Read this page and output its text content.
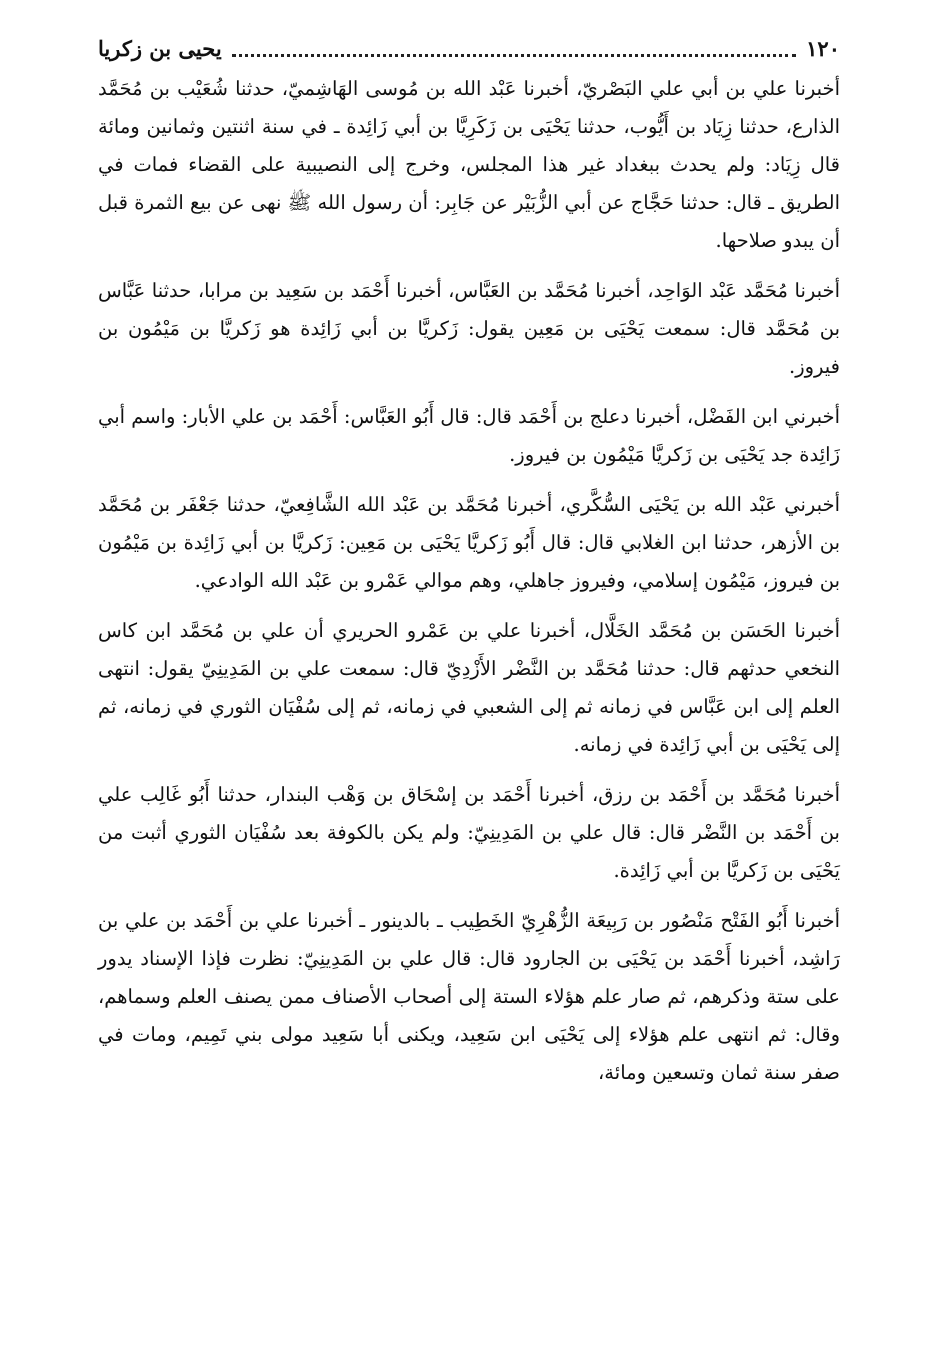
١٢٠
يحيى بن زكريا

أخبرنا علي بن أبي علي البَصْريّ، أخبرنا عَبْد الله بن مُوسى الهَاشِميّ، حدثنا شُعَيْب بن مُحَمَّد الذارع، حدثنا زِيَاد بن أَيُّوب، حدثنا يَحْيَى بن زَكَرِيَّا بن أبي زَائِدة ـ في سنة اثنتين وثمانين ومائة قال زِيَاد: ولم يحدث ببغداد غير هذا المجلس، وخرج إلى النصيبية على القضاء فمات في الطريق ـ قال: حدثنا حَجَّاج عن أبي الزُّبَيْر عن جَابِر: أن رسول الله ﷺ نهى عن بيع الثمرة قبل أن يبدو صلاحها.

أخبرنا مُحَمَّد عَبْد الوَاحِد، أخبرنا مُحَمَّد بن العَبَّاس، أخبرنا أَحْمَد بن سَعِيد بن مرابا، حدثنا عَبَّاس بن مُحَمَّد قال: سمعت يَحْيَى بن مَعِين يقول: زَكريَّا بن أبي زَائِدة هو زَكريَّا بن مَيْمُون بن فيروز.

أخبرني ابن الفَضْل، أخبرنا دعلج بن أَحْمَد قال: قال أَبُو العَبَّاس: أَحْمَد بن علي الأبار: واسم أبي زَائِدة جد يَحْيَى بن زَكريَّا مَيْمُون بن فيروز.

أخبرني عَبْد الله بن يَحْيَى السُّكَّري، أخبرنا مُحَمَّد بن عَبْد الله الشَّافِعيّ، حدثنا جَعْفَر بن مُحَمَّد بن الأزهر، حدثنا ابن الغلابي قال: قال أَبُو زَكريَّا يَحْيَى بن مَعِين: زَكريَّا بن أبي زَائِدة بن مَيْمُون بن فيروز، مَيْمُون إسلامي، وفيروز جاهلي، وهم موالي عَمْرو بن عَبْد الله الوادعي.

أخبرنا الحَسَن بن مُحَمَّد الخَلَّال، أخبرنا علي بن عَمْرو الحريري أن علي بن مُحَمَّد ابن كاس النخعي حدثهم قال: حدثنا مُحَمَّد بن النَّضْر الأَزْدِيّ قال: سمعت علي بن المَدِينِيّ يقول: انتهى العلم إلى ابن عَبَّاس في زمانه ثم إلى الشعبي في زمانه، ثم إلى سُفْيَان الثوري في زمانه، ثم إلى يَحْيَى بن أبي زَائِدة في زمانه.

أخبرنا مُحَمَّد بن أَحْمَد بن رزق، أخبرنا أَحْمَد بن إسْحَاق بن وَهْب البندار، حدثنا أَبُو غَالِب علي بن أَحْمَد بن النَّضْر قال: قال علي بن المَدِينِيّ: ولم يكن بالكوفة بعد سُفْيَان الثوري أثبت من يَحْيَى بن زَكريَّا بن أبي زَائِدة.

أخبرنا أَبُو الفَتْح مَنْصُور بن رَبِيعَة الزُّهْرِيّ الخَطِيب ـ بالدينور ـ أخبرنا علي بن أَحْمَد بن علي بن رَاشِد، أخبرنا أَحْمَد بن يَحْيَى بن الجارود قال: قال علي بن المَدِينِيّ: نظرت فإذا الإسناد يدور على ستة وذكرهم، ثم صار علم هؤلاء الستة إلى أصحاب الأصناف ممن يصنف العلم وسماهم، وقال: ثم انتهى علم هؤلاء إلى يَحْيَى ابن سَعِيد، ويكنى أبا سَعِيد مولى بني تَمِيم، ومات في صفر سنة ثمان وتسعين ومائة،
